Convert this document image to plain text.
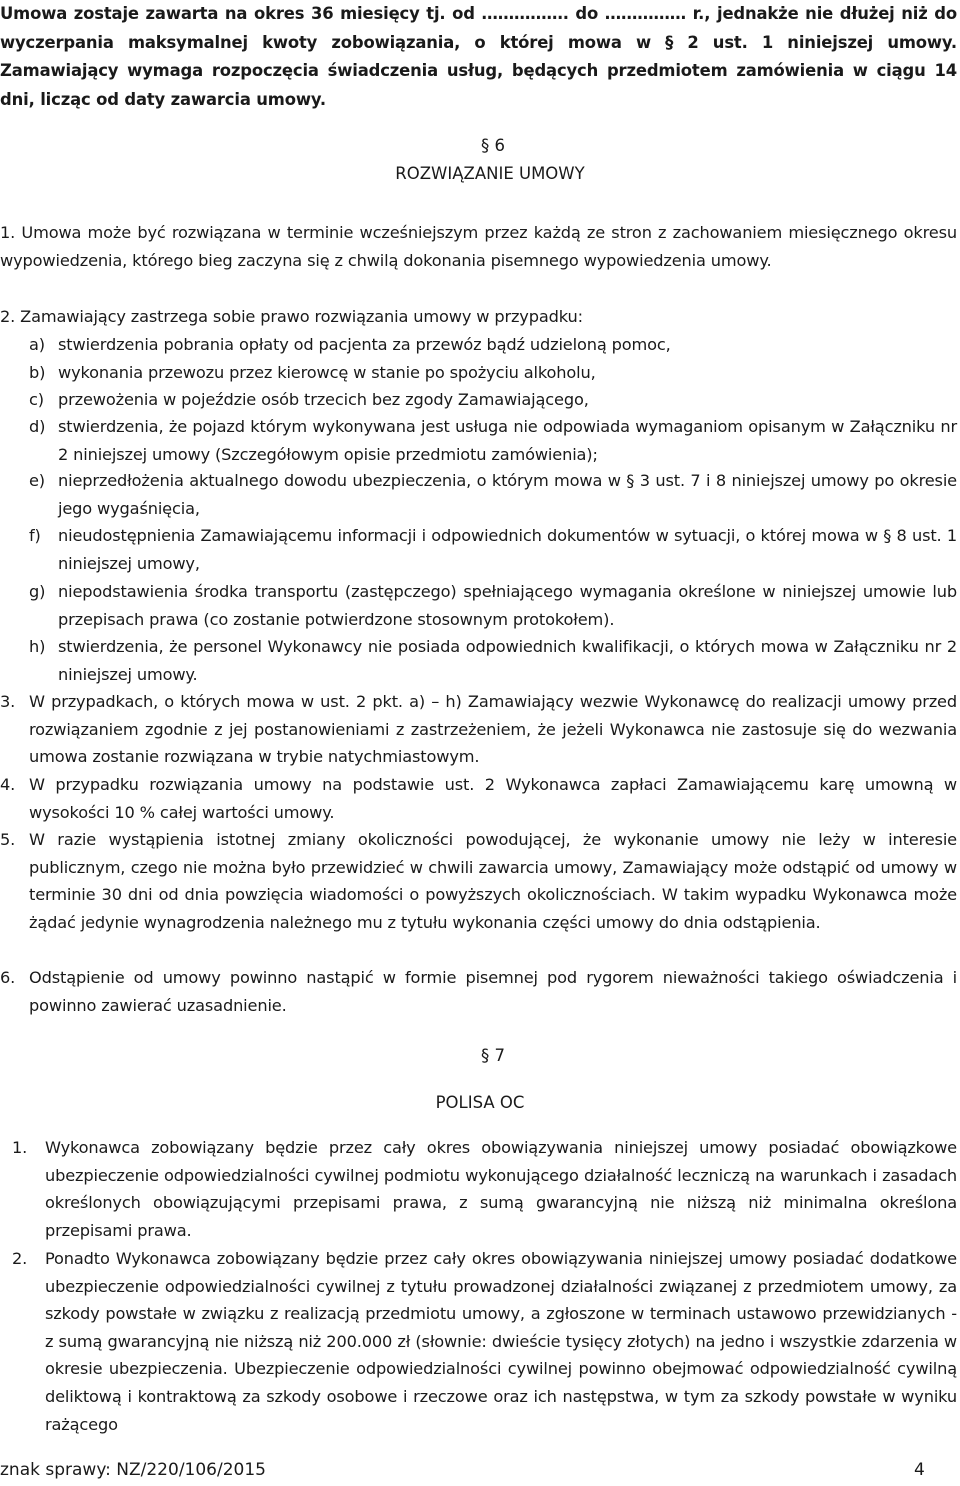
Umowa zostaje zawarta na okres 36 miesięcy tj. od ……………. do …………… r., jednakże nie dłużej niż do wyczerpania maksymalnej kwoty zobowiązania, o której mowa w § 2 ust. 1 niniejszej umowy. Zamawiający wymaga rozpoczęcia świadczenia usług, będących przedmiotem zamówienia w ciągu 14 dni, licząc od daty zawarcia umowy.

§ 6

ROZWIĄZANIE UMOWY

1. Umowa może być rozwiązana w terminie wcześniejszym przez każdą ze stron z zachowaniem miesięcznego okresu wypowiedzenia, którego bieg zaczyna się z chwilą dokonania pisemnego wypowiedzenia umowy.
2. Zamawiający zastrzega sobie prawo rozwiązania umowy w przypadku:
a) stwierdzenia pobrania opłaty od pacjenta za przewóz bądź udzieloną pomoc,
b) wykonania przewozu przez kierowcę w stanie po spożyciu alkoholu,
c) przewożenia w pojeździe osób trzecich bez zgody Zamawiającego,
d) stwierdzenia, że pojazd którym wykonywana jest usługa nie odpowiada wymaganiom opisanym w Załączniku nr 2 niniejszej umowy (Szczegółowym opisie przedmiotu zamówienia);
e) nieprzedłożenia aktualnego dowodu ubezpieczenia, o którym mowa w § 3 ust. 7 i 8 niniejszej umowy po okresie jego wygaśnięcia,
f)	nieudostępnienia Zamawiającemu informacji i odpowiednich dokumentów w sytuacji, o której mowa w § 8 ust. 1 niniejszej umowy,
g) niepodstawienia środka transportu (zastępczego) spełniającego wymagania określone w niniejszej umowie lub przepisach prawa (co zostanie potwierdzone stosownym protokołem).
h) stwierdzenia, że personel Wykonawcy nie posiada odpowiednich kwalifikacji, o których mowa w Załączniku nr 2 niniejszej umowy.
3. W przypadkach, o których mowa w ust. 2 pkt. a) – h) Zamawiający wezwie Wykonawcę do realizacji umowy przed rozwiązaniem zgodnie z jej postanowieniami z zastrzeżeniem, że jeżeli Wykonawca nie zastosuje się do wezwania umowa zostanie rozwiązana w trybie natychmiastowym.
4. W przypadku rozwiązania umowy na podstawie ust. 2 Wykonawca zapłaci Zamawiającemu karę umowną w wysokości 10 % całej wartości umowy.
5. W razie wystąpienia istotnej zmiany okoliczności powodującej, że wykonanie umowy nie leży w interesie publicznym, czego nie można było przewidzieć w chwili zawarcia umowy, Zamawiający może odstąpić od umowy w terminie 30 dni od dnia powzięcia wiadomości o powyższych okolicznościach. W takim wypadku Wykonawca może żądać jedynie wynagrodzenia należnego mu z tytułu wykonania części umowy do dnia odstąpienia.
6. Odstąpienie od umowy powinno nastąpić w formie pisemnej pod rygorem nieważności takiego oświadczenia i powinno zawierać uzasadnienie.

§ 7

POLISA OC

1.	Wykonawca zobowiązany będzie przez cały okres obowiązywania niniejszej umowy posiadać obowiązkowe ubezpieczenie odpowiedzialności cywilnej podmiotu wykonującego działalność leczniczą na warunkach i zasadach określonych obowiązującymi przepisami prawa, z sumą gwarancyjną nie niższą niż minimalna określona przepisami prawa.
2.	Ponadto Wykonawca zobowiązany będzie przez cały okres obowiązywania niniejszej umowy posiadać dodatkowe ubezpieczenie odpowiedzialności cywilnej z tytułu prowadzonej działalności związanej z przedmiotem umowy, za szkody powstałe w związku z realizacją przedmiotu umowy, a zgłoszone w terminach ustawowo przewidzianych - z sumą gwarancyjną nie niższą niż 200.000 zł (słownie: dwieście tysięcy złotych) na jedno i wszystkie zdarzenia w okresie ubezpieczenia. Ubezpieczenie odpowiedzialności cywilnej powinno obejmować odpowiedzialność cywilną deliktową i kontraktową za szkody osobowe i rzeczowe oraz ich następstwa, w tym za szkody powstałe w wyniku rażącego

znak sprawy: NZ/220/106/2015	4
